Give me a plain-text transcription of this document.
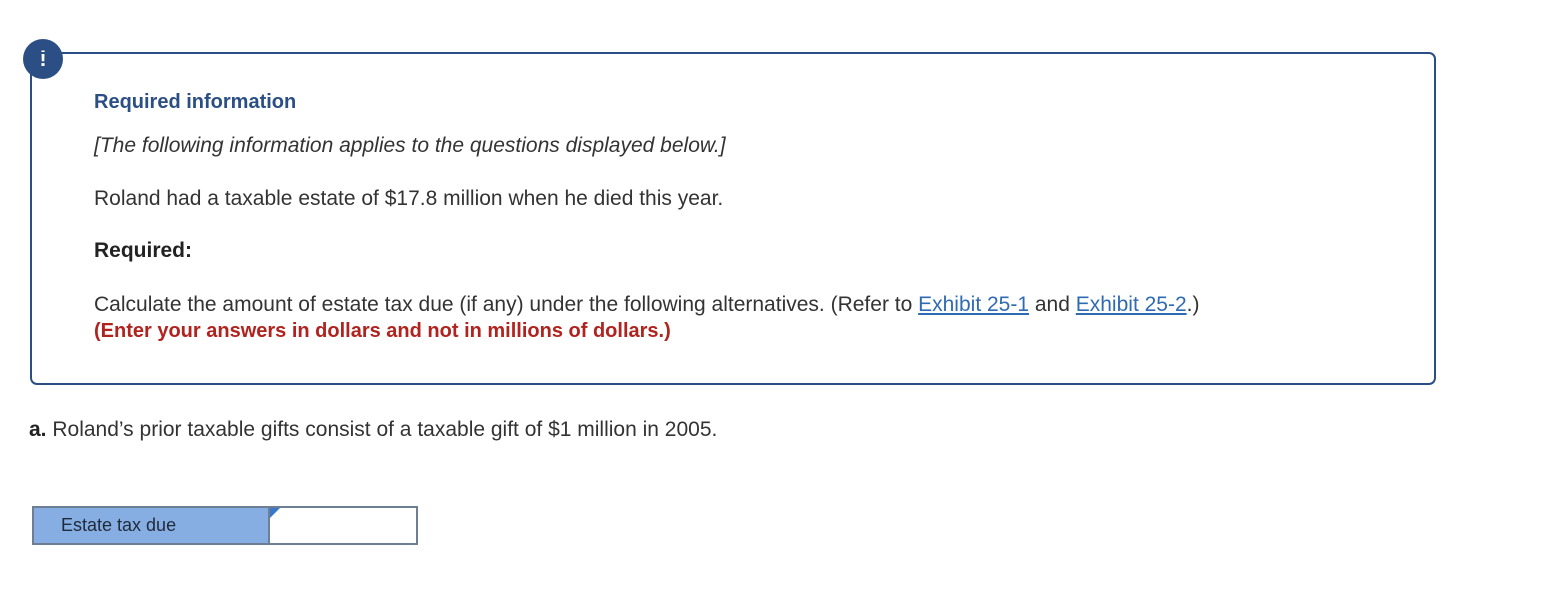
!
Required information
[The following information applies to the questions displayed below.]
Roland had a taxable estate of $17.8 million when he died this year.
Required:
Calculate the amount of estate tax due (if any) under the following alternatives. (Refer to Exhibit 25-1 and Exhibit 25-2.)
(Enter your answers in dollars and not in millions of dollars.)
a. Roland’s prior taxable gifts consist of a taxable gift of $1 million in 2005.
Estate tax due
